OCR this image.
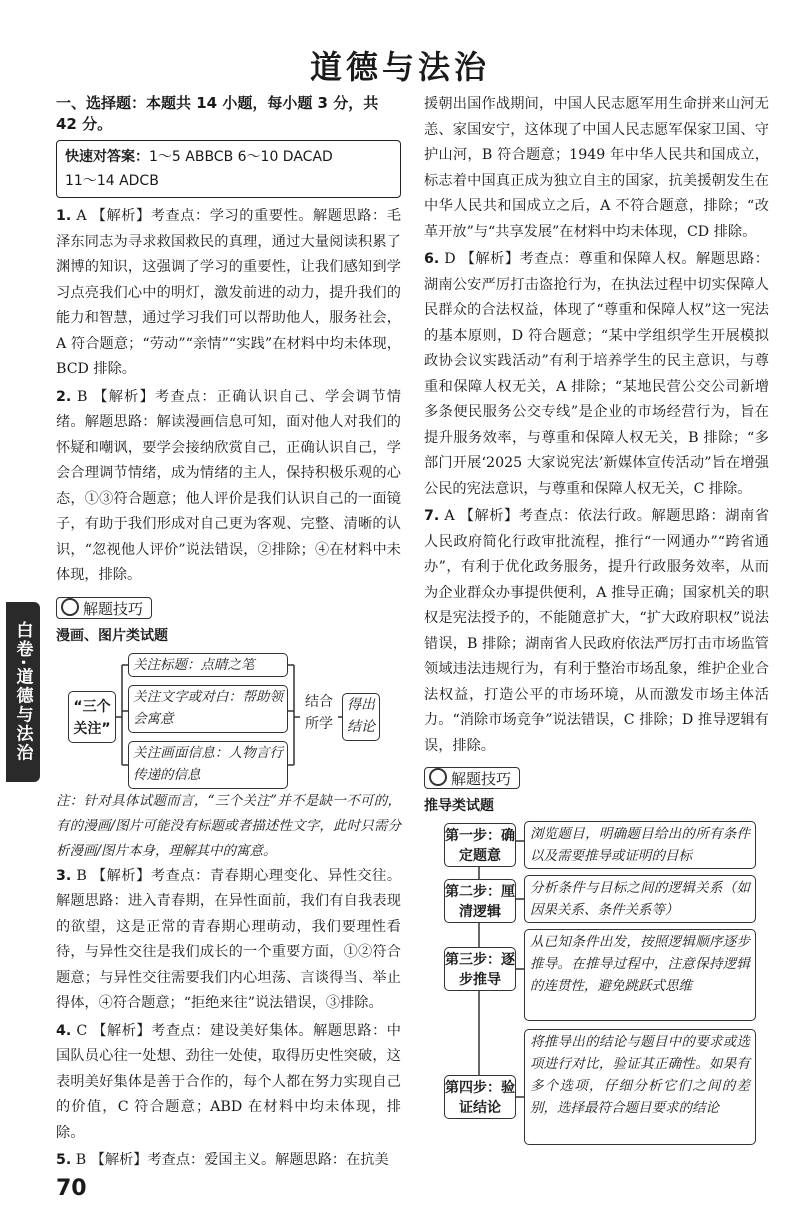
道德与法治
一、选择题：本题共 14 小题，每小题 3 分，共 42 分。
快速对答案：1～5 ABBCB 6～10 DACAD
11～14 ADCB
1. A 【解析】考查点：学习的重要性。解题思路：毛泽东同志为寻求救国救民的真理，通过大量阅读积累了渊博的知识，这强调了学习的重要性，让我们感知到学习点亮我们心中的明灯，激发前进的动力，提升我们的能力和智慧，通过学习我们可以帮助他人，服务社会，A 符合题意；“劳动”“亲情”“实践”在材料中均未体现，BCD 排除。
2. B 【解析】考查点：正确认识自己、学会调节情绪。解题思路：解读漫画信息可知，面对他人对我们的怀疑和嘲讽，要学会接纳欣赏自己，正确认识自己，学会合理调节情绪，成为情绪的主人，保持积极乐观的心态，①③符合题意；他人评价是我们认识自己的一面镜子，有助于我们形成对自己更为客观、完整、清晰的认识，“忽视他人评价”说法错误，②排除；④在材料中未体现，排除。
解题技巧
漫画、图片类试题
“三个关注”
关注标题：点睛之笔
关注文字或对白：帮助领会寓意
关注画面信息：人物言行传递的信息
结合所学
得出结论
注：针对具体试题而言，“三个关注”并不是缺一不可的，有的漫画/图片可能没有标题或者描述性文字，此时只需分析漫画/图片本身，理解其中的寓意。
3. B 【解析】考查点：青春期心理变化、异性交往。解题思路：进入青春期，在异性面前，我们有自我表现的欲望，这是正常的青春期心理萌动，我们要理性看待，与异性交往是我们成长的一个重要方面，①②符合题意；与异性交往需要我们内心坦荡、言谈得当、举止得体，④符合题意；“拒绝来往”说法错误，③排除。
4. C 【解析】考查点：建设美好集体。解题思路：中国队员心往一处想、劲往一处使，取得历史性突破，这表明美好集体是善于合作的，每个人都在努力实现自己的价值，C 符合题意；ABD 在材料中均未体现，排除。
5. B 【解析】考查点：爱国主义。解题思路：在抗美
援朝出国作战期间，中国人民志愿军用生命拼来山河无恙、家国安宁，这体现了中国人民志愿军保家卫国、守护山河，B 符合题意；1949 年中华人民共和国成立，标志着中国真正成为独立自主的国家，抗美援朝发生在中华人民共和国成立之后，A 不符合题意，排除；“改革开放”与“共享发展”在材料中均未体现，CD 排除。
6. D 【解析】考查点：尊重和保障人权。解题思路：湖南公安严厉打击盗抢行为，在执法过程中切实保障人民群众的合法权益，体现了“尊重和保障人权”这一宪法的基本原则，D 符合题意；“某中学组织学生开展模拟政协会议实践活动”有利于培养学生的民主意识，与尊重和保障人权无关，A 排除；“某地民营公交公司新增多条便民服务公交专线”是企业的市场经营行为，旨在提升服务效率，与尊重和保障人权无关，B 排除；“多部门开展‘2025 大家说宪法’新媒体宣传活动”旨在增强公民的宪法意识，与尊重和保障人权无关，C 排除。
7. A 【解析】考查点：依法行政。解题思路：湖南省人民政府简化行政审批流程，推行“一网通办”“跨省通办”，有利于优化政务服务，提升行政服务效率，从而为企业群众办事提供便利，A 推导正确；国家机关的职权是宪法授予的，不能随意扩大，“扩大政府职权”说法错误，B 排除；湖南省人民政府依法严厉打击市场监管领域违法违规行为，有利于整治市场乱象，维护企业合法权益，打造公平的市场环境，从而激发市场主体活力。“消除市场竞争”说法错误，C 排除；D 推导逻辑有误，排除。
解题技巧
推导类试题
第一步：确定题意
浏览题目，明确题目给出的所有条件以及需要推导或证明的目标
第二步：厘清逻辑
分析条件与目标之间的逻辑关系（如因果关系、条件关系等）
第三步：逐步推导
从已知条件出发，按照逻辑顺序逐步推导。在推导过程中，注意保持逻辑的连贯性，避免跳跃式思维
第四步：验证结论
将推导出的结论与题目中的要求或选项进行对比，验证其正确性。如果有多个选项，仔细分析它们之间的差别，选择最符合题目要求的结论
白卷·道德与法治
70
